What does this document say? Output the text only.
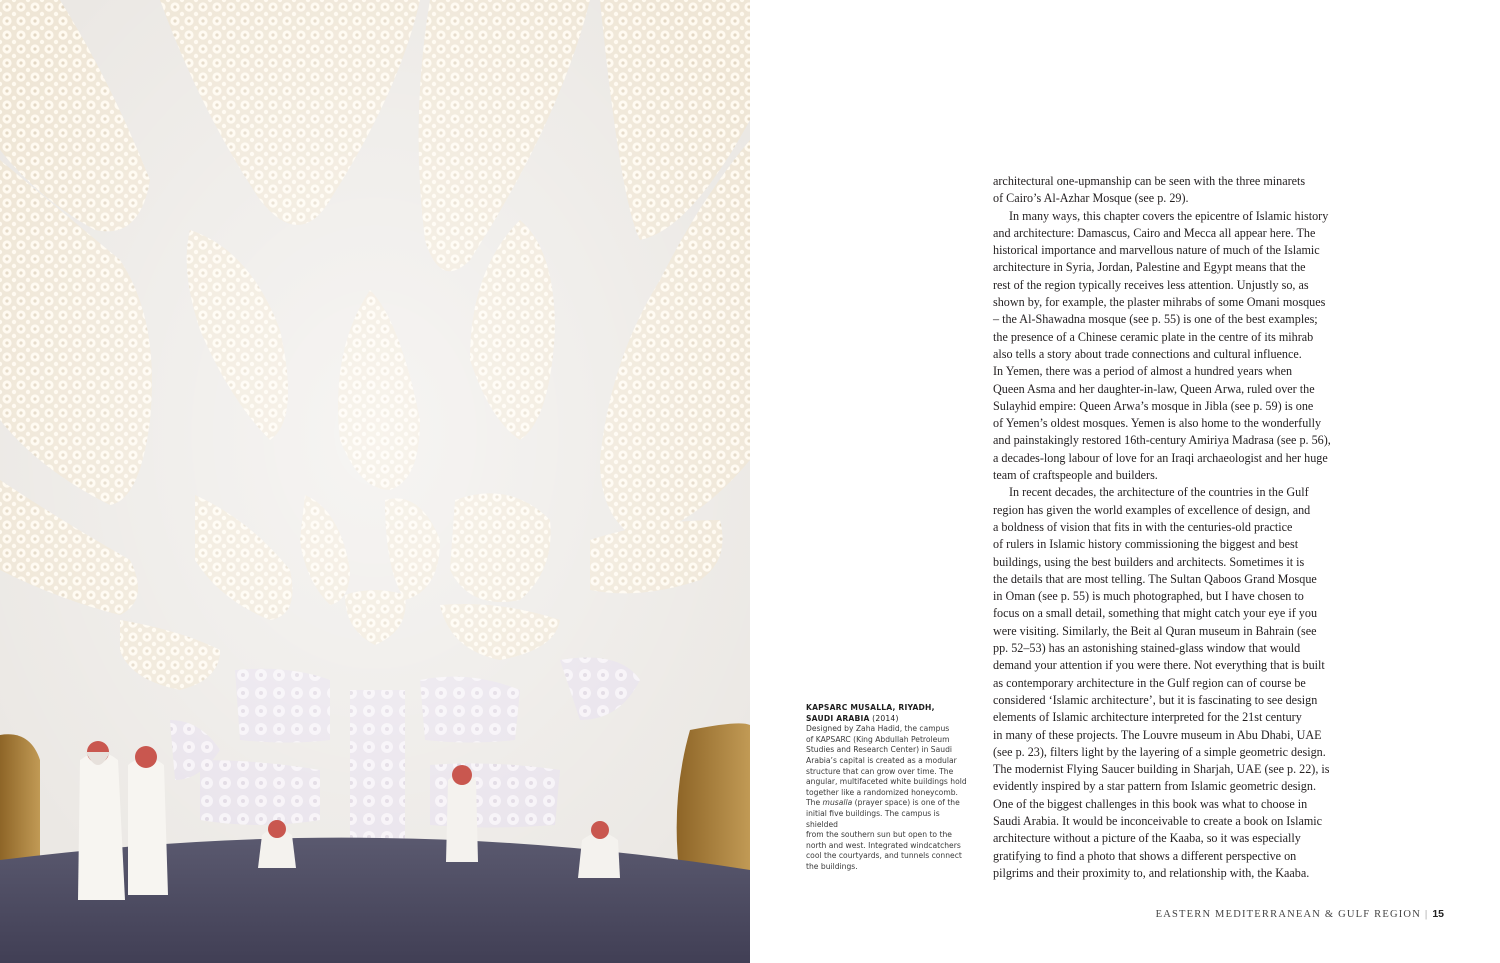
KAPSARC MUSALLA, RIYADH,
SAUDI ARABIA (2014)
Designed by Zaha Hadid, the campus
of KAPSARC (King Abdullah Petroleum
Studies and Research Center) in Saudi
Arabia’s capital is created as a modular
structure that can grow over time. The
angular, multifaceted white buildings hold
together like a randomized honeycomb.
The musalla (prayer space) is one of the
initial five buildings. The campus is shielded
from the southern sun but open to the
north and west. Integrated windcatchers
cool the courtyards, and tunnels connect
the buildings.
architectural one-upmanship can be seen with the three minarets
of Cairo’s Al-Azhar Mosque (see p. 29).
In many ways, this chapter covers the epicentre of Islamic history
and architecture: Damascus, Cairo and Mecca all appear here. The
historical importance and marvellous nature of much of the Islamic
architecture in Syria, Jordan, Palestine and Egypt means that the
rest of the region typically receives less attention. Unjustly so, as
shown by, for example, the plaster mihrabs of some Omani mosques
– the Al-Shawadna mosque (see p. 55) is one of the best examples;
the presence of a Chinese ceramic plate in the centre of its mihrab
also tells a story about trade connections and cultural influence.
In Yemen, there was a period of almost a hundred years when
Queen Asma and her daughter-in-law, Queen Arwa, ruled over the
Sulayhid empire: Queen Arwa’s mosque in Jibla (see p. 59) is one
of Yemen’s oldest mosques. Yemen is also home to the wonderfully
and painstakingly restored 16th-century Amiriya Madrasa (see p. 56),
a decades-long labour of love for an Iraqi archaeologist and her huge
team of craftspeople and builders.
In recent decades, the architecture of the countries in the Gulf
region has given the world examples of excellence of design, and
a boldness of vision that fits in with the centuries-old practice
of rulers in Islamic history commissioning the biggest and best
buildings, using the best builders and architects. Sometimes it is
the details that are most telling. The Sultan Qaboos Grand Mosque
in Oman (see p. 55) is much photographed, but I have chosen to
focus on a small detail, something that might catch your eye if you
were visiting. Similarly, the Beit al Quran museum in Bahrain (see
pp. 52–53) has an astonishing stained-glass window that would
demand your attention if you were there. Not everything that is built
as contemporary architecture in the Gulf region can of course be
considered ‘Islamic architecture’, but it is fascinating to see design
elements of Islamic architecture interpreted for the 21st century
in many of these projects. The Louvre museum in Abu Dhabi, UAE
(see p. 23), filters light by the layering of a simple geometric design.
The modernist Flying Saucer building in Sharjah, UAE (see p. 22), is
evidently inspired by a star pattern from Islamic geometric design.
One of the biggest challenges in this book was what to choose in
Saudi Arabia. It would be inconceivable to create a book on Islamic
architecture without a picture of the Kaaba, so it was especially
gratifying to find a photo that shows a different perspective on
pilgrims and their proximity to, and relationship with, the Kaaba.
EASTERN MEDITERRANEAN & GULF REGION | 15
